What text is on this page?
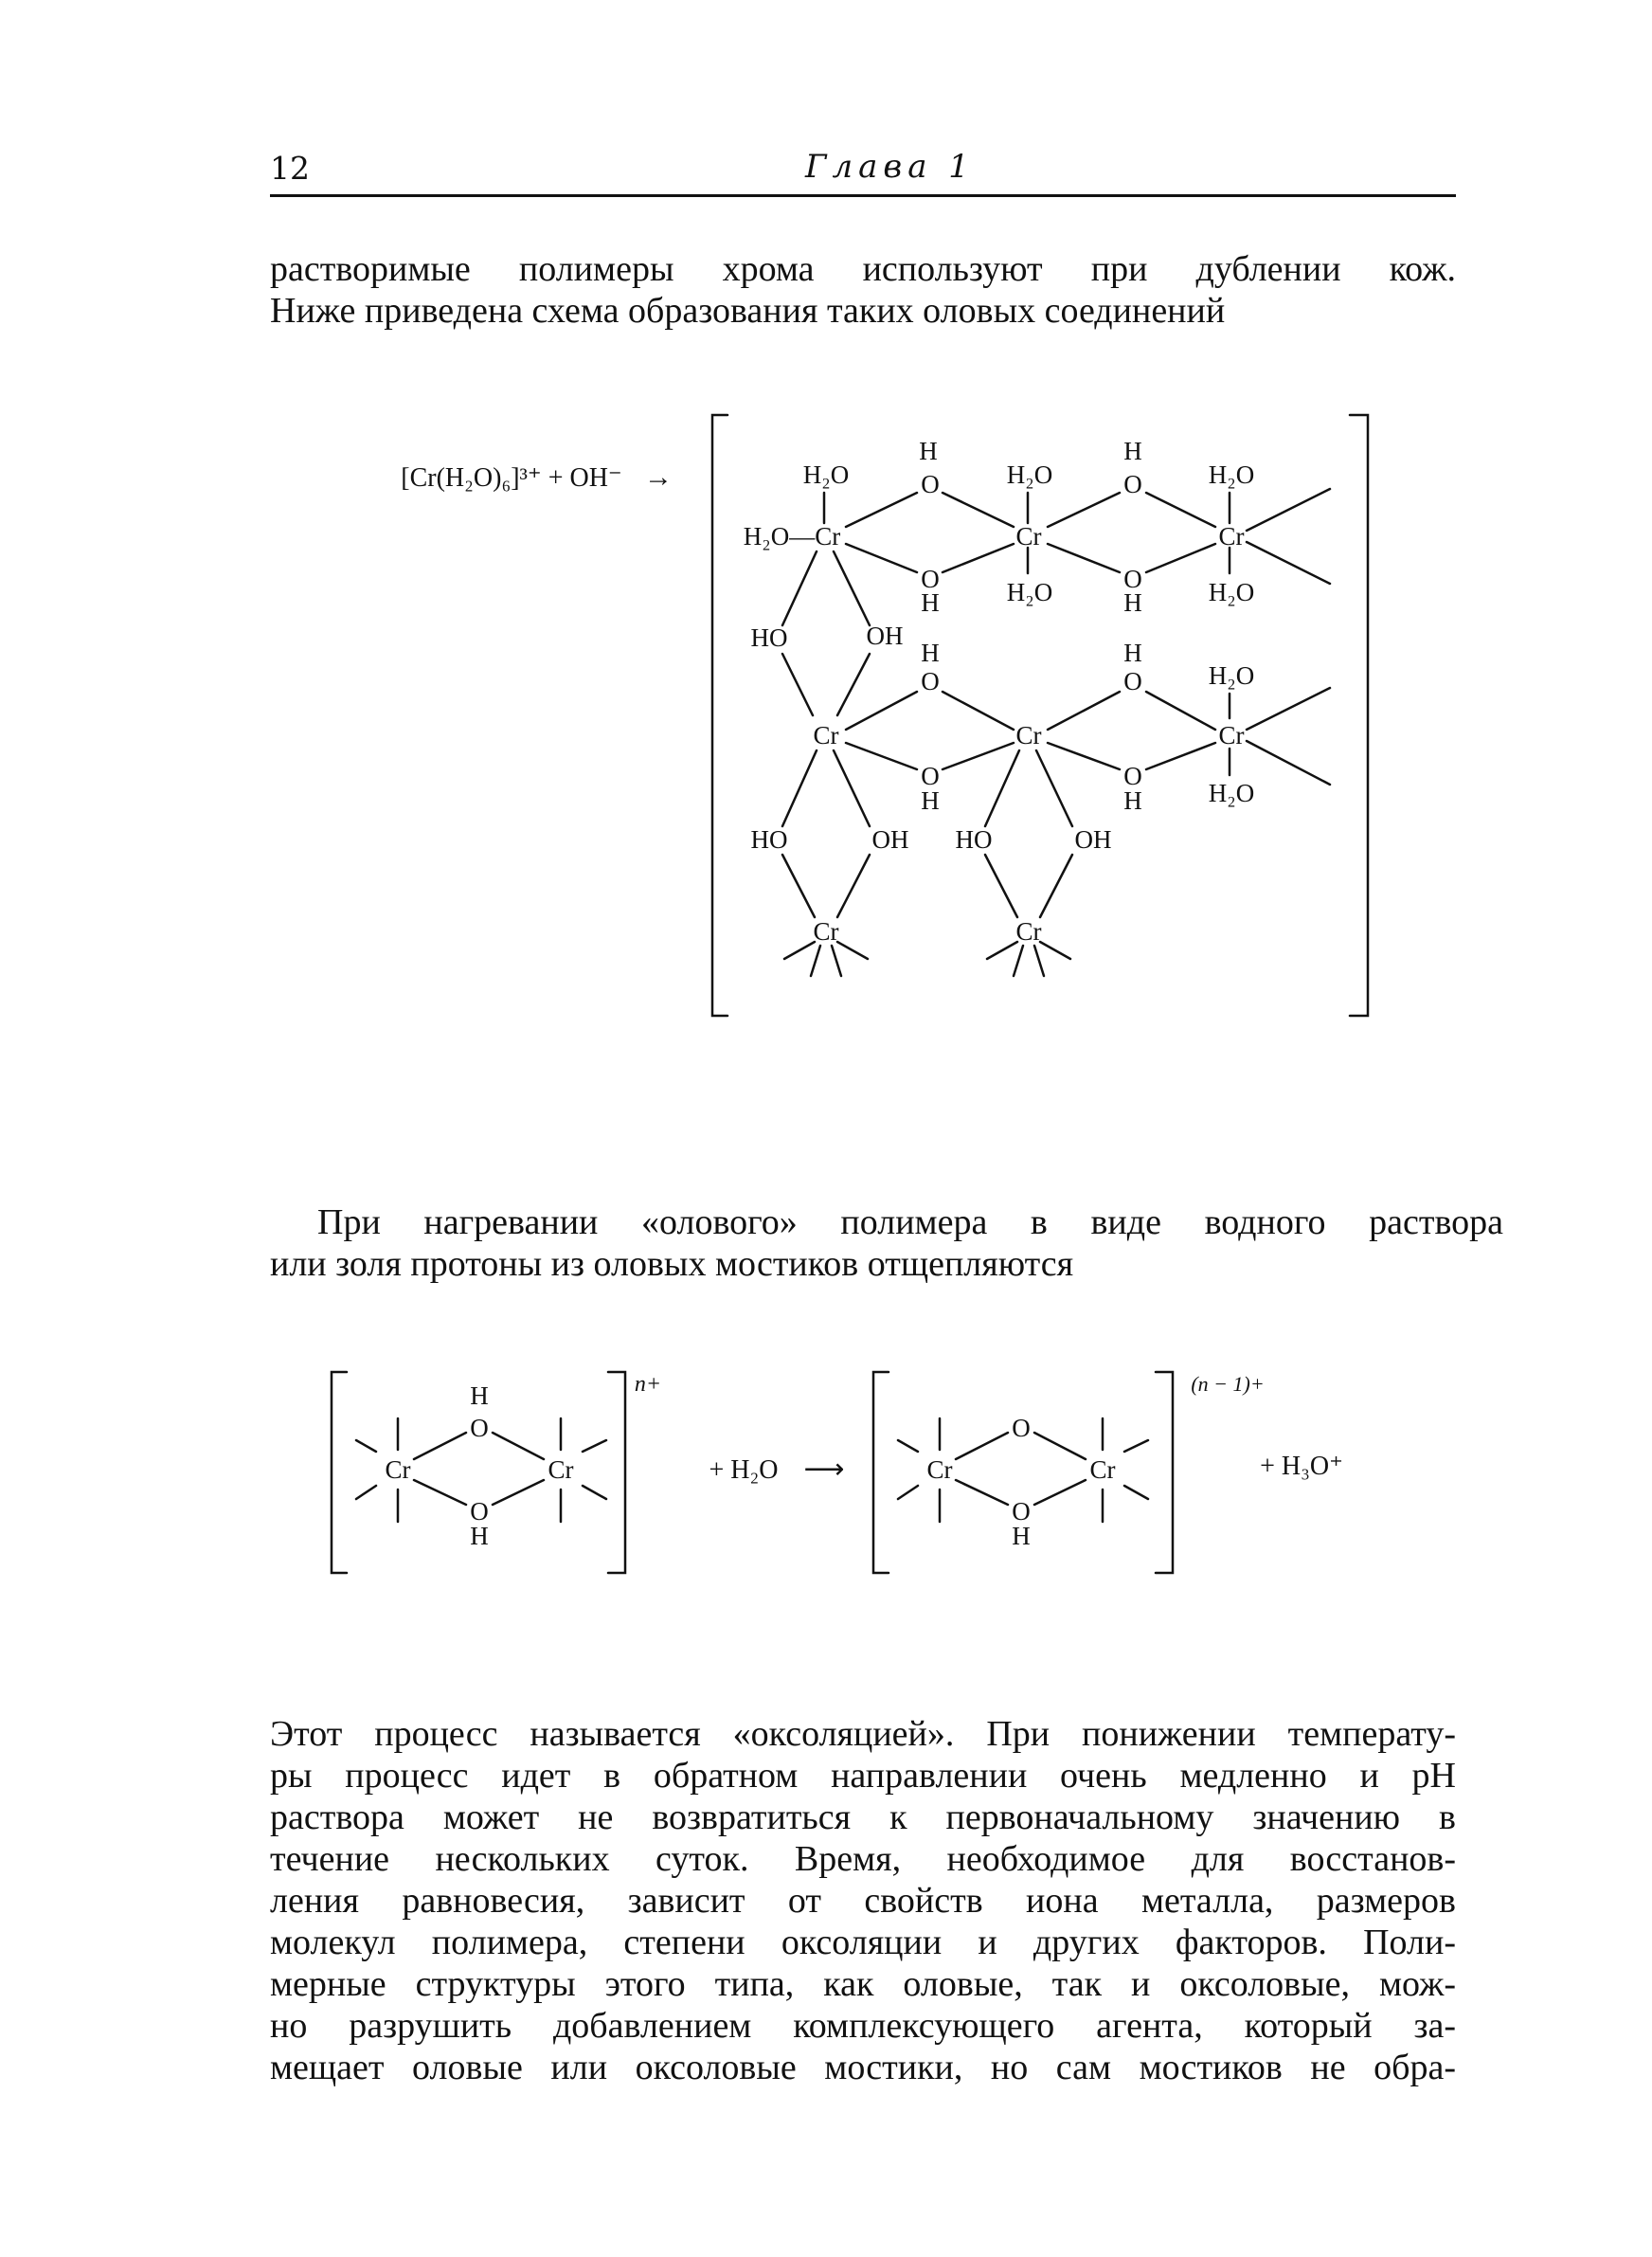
12	Глава 1
растворимые полимеры хрома используют при дублении кож.
Ниже приведена схема образования таких оловых соединений
[Cr(H₂O)₆]³⁺ + OH⁻ →	H₂O
H
O	H₂O
H
O	H₂O
H₂O—Cr	Cr	Cr
O
H	H₂O	O
H	H₂O
HO	OH
H
O
H
O	H₂O
Cr	Cr	Cr
O
H
O
H	H₂O
HO	OH HO	OH
Cr	Cr
H
O
Cr	Cr
O
H
n+
+ H₂O ⟶
O
Cr	Cr
O
H
(n − 1)+
+ H₃O⁺
При нагревании «олового» полимера в виде водного раствора
или золя протоны из оловых мостиков отщепляются
Этот процесс называется «оксоляцией». При понижении температу-
ры процесс идет в обратном направлении очень медленно и pH
раствора может не возвратиться к первоначальному значению в
течение нескольких суток. Время, необходимое для восстанов-
ления равновесия, зависит от свойств иона металла, размеров
молекул полимера, степени оксоляции и других факторов. Поли-
мерные структуры этого типа, как оловые, так и оксоловые, мож-
но разрушить добавлением комплексующего агента, который за-
мещает оловые или оксоловые мостики, но сам мостиков не обра-
